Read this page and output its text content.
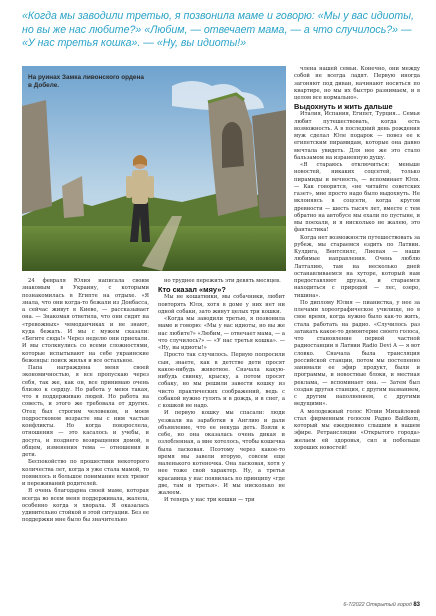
«Когда мы заводили третью, я позвонила маме и говорю: «Мы у вас идиоты, но вы же нас любите?» «Любим, — отвечает мама, — а что случилось?» — «У нас третья кошка». — «Ну, вы идиоты!»
На руинах Замка ливонского ордена в Добеле.

24 февраля Юлия написала своим знакомым в Украину, с которыми познакомилась в Египте на отдыхе. «Я знала, что они когда-то бежали из Донбасса, а сейчас живут в Киеве, — рассказывает она. — Знакомая ответила, что они сидят на «тревожных» чемоданчиках и не знают, куда бежать. И мы с мужем сказали: «Бегите сюда!» Через неделю они приехали. И мы столкнулись со всеми сложностями, которые испытывают на себе украинские беженцы: поиск жилья и все остальное.

Папа награждена меня своей экономичностью, я все пропускаю через себя, так же, как он, все принимаю очень близко к сердцу. Но работа у меня такая, что я поддерживаю людей. Но работа на совесть, и этого же требовала от других. Отец был строгим человеком, и моем подростковом возрасте мы с ним частые конфликты. Но когда повзрослела, отношения — это касалось и учебы, и досуга, и позднего возвращения домой, в общем, изменения тема — отношения и дети.

Беспокойство по прошествии некоторого количества лет, когда я уже стала мамой, то появилось и большое понимание всех тревог и переживаний родителей.

Я очень благодарна своей маме, которая всегда во всем меня поддерживала, жалела, особенно когда я хворала. Я оказалась удивительно стойкой в этой ситуации. Без ее поддержки мне было бы значительно

но труднее пережить эти девять месяцев.

Кто сказал «мяу»?

Мы не кошатники, мы собачники, любит повторять Юля, хотя в доме у них нет ни одной собаки, зато живут целых три кошки.

«Когда мы заводили третью, я позвонила маме и говорю: «Мы у вас идиоты, но вы же нас любите?» «Любим, — отвечает мама, — а что случилось?» — «У нас третья кошка». — «Ну, вы идиоты!»

Просто так случилось. Первую попросили сын, знаете, как в детстве дети просят какое-нибудь животное. Сначала какую-нибудь свинку, крыску, а потом просят собаку, но мы решили завести кошку из чисто практических соображений, ведь с собакой нужно гулять и в дождь, и в снег, а с кошкой не надо.

И первую кошку мы спасали: люди уезжали на заработки в Англию и дали объявление, что ее некуда деть. Взяли к себе, но она оказалась очень дикая и озлобленная, а мне хотелось, чтобы кошечка была ласковая. Поэтому через какое-то время мы завели вторую, совсем еще маленького котеночка. Она ласковая, хотя у нее тоже свой характер. Ну, а третья красавица у нас появилась по принципу «где две, там и третья». И мы нисколько не жалеем.

И теперь у нас три кошки — три

члена нашей семьи. Конечно, они между собой не всегда ладят. Первую иногда загоняют под диван, начинают носиться по квартире, но мы их быстро разнимаем, и в целом все нормально».

Выдохнуть и жить дальше

Италия, Испания, Египет, Турция... Семья любит путешествовать, когда есть возможность. А в последний день рождения муж сделал Юле подарок — повез ее к египетским пирамидам, которые она давно мечтала увидеть. Для нее же это стало бальзамом на израненную душу.

«Я стараюсь отключиться: меньше новостей, никаких соцсетей, только пирамиды и вечность, — вспоминает Юля. — Как говорится, «не читайте советских газет», мне просто надо было выдохнуть. Не вклоняясь в соцсети, когда кругом древности — шесть тысяч лет, вместе с тем обратно на автобусе мы ехали по пустыне, и мы поехали, и я нисколько не жалею, это фантастика!

Когда нет возможности путешествовать за рубеж, мы стараемся ездить по Латвии. Кулдига, Вентспилс, Лиепая — наши любимые направления. Очень люблю Латгалию, там на несколько дней останавливаемся на хуторе, который нам предоставляют друзья, и стараемся находиться с природой — лес, озеро, тишина».

По диплому Юлия — пианистка, у нее за плечами хореографическое училище, но в свое время, когда нужно было как-то жить, стала работать на радио. «Случилось раз затакать какое-то демонтерие своего голоса, что становление первой частной радиостанции в Латвии Radio Devi A — я вот словко. Сначала была трансляция российской станции, потом мы постепенно занимали ее эфир продукт, были и программы, и новостные блоки, и местная реклама, — вспоминает она. — Затем был создан другая станция, с другим названием, с другим наполнением, с другими ведущими».

А молодежный голос Юлии Михайловой стал фирменным голосом Радио Baldkom, который мы ежедневно слышим в нашем эфире. Ретрансляции «Открытого города» желаем ей здоровья, сил и побольше хороших новостей!

6-7/2022 Открытый город 83
